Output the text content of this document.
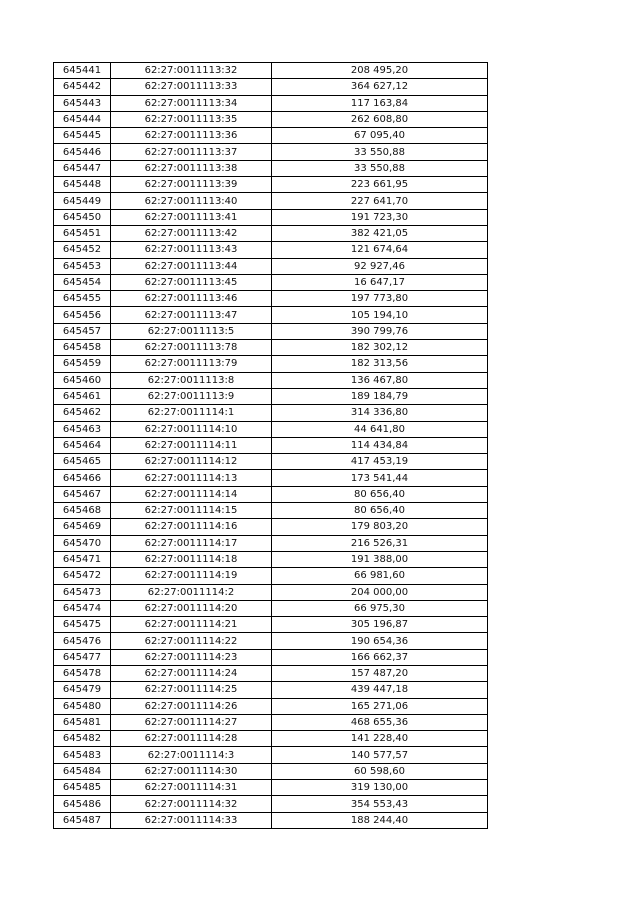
645441	62:27:0011113:32	208 495,20
645442	62:27:0011113:33	364 627,12
645443	62:27:0011113:34	117 163,84
645444	62:27:0011113:35	262 608,80
645445	62:27:0011113:36	67 095,40
645446	62:27:0011113:37	33 550,88
645447	62:27:0011113:38	33 550,88
645448	62:27:0011113:39	223 661,95
645449	62:27:0011113:40	227 641,70
645450	62:27:0011113:41	191 723,30
645451	62:27:0011113:42	382 421,05
645452	62:27:0011113:43	121 674,64
645453	62:27:0011113:44	92 927,46
645454	62:27:0011113:45	16 647,17
645455	62:27:0011113:46	197 773,80
645456	62:27:0011113:47	105 194,10
645457	62:27:0011113:5	390 799,76
645458	62:27:0011113:78	182 302,12
645459	62:27:0011113:79	182 313,56
645460	62:27:0011113:8	136 467,80
645461	62:27:0011113:9	189 184,79
645462	62:27:0011114:1	314 336,80
645463	62:27:0011114:10	44 641,80
645464	62:27:0011114:11	114 434,84
645465	62:27:0011114:12	417 453,19
645466	62:27:0011114:13	173 541,44
645467	62:27:0011114:14	80 656,40
645468	62:27:0011114:15	80 656,40
645469	62:27:0011114:16	179 803,20
645470	62:27:0011114:17	216 526,31
645471	62:27:0011114:18	191 388,00
645472	62:27:0011114:19	66 981,60
645473	62:27:0011114:2	204 000,00
645474	62:27:0011114:20	66 975,30
645475	62:27:0011114:21	305 196,87
645476	62:27:0011114:22	190 654,36
645477	62:27:0011114:23	166 662,37
645478	62:27:0011114:24	157 487,20
645479	62:27:0011114:25	439 447,18
645480	62:27:0011114:26	165 271,06
645481	62:27:0011114:27	468 655,36
645482	62:27:0011114:28	141 228,40
645483	62:27:0011114:3	140 577,57
645484	62:27:0011114:30	60 598,60
645485	62:27:0011114:31	319 130,00
645486	62:27:0011114:32	354 553,43
645487	62:27:0011114:33	188 244,40
